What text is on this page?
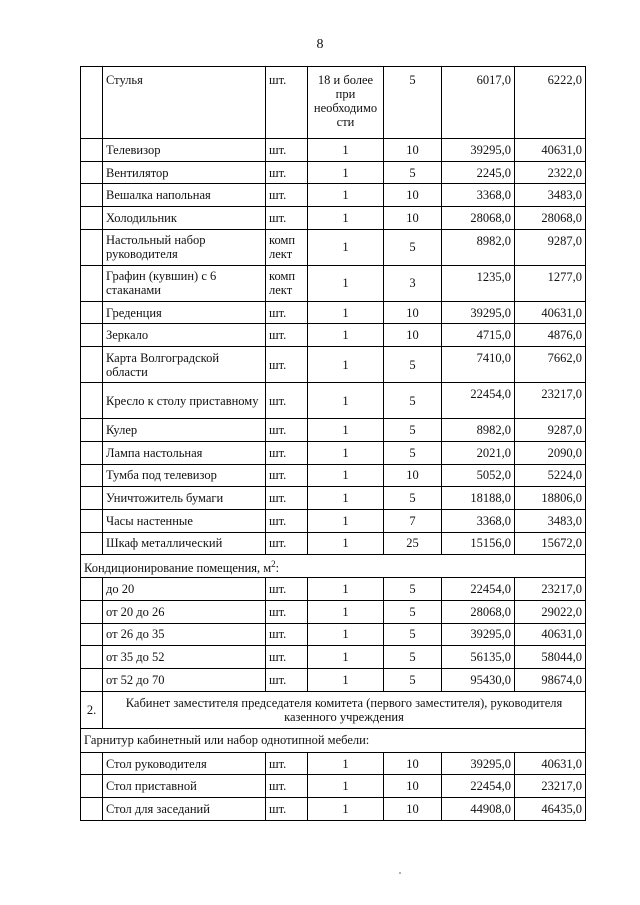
8
	Стулья	шт.	18 и более при необходимо сти	5	6017,0	6222,0
	Телевизор	шт.	1	10	39295,0	40631,0
	Вентилятор	шт.	1	5	2245,0	2322,0
	Вешалка напольная	шт.	1	10	3368,0	3483,0
	Холодильник	шт.	1	10	28068,0	28068,0
	Настольный набор руководителя	комп лект	1	5	8982,0	9287,0
	Графин (кувшин) с 6 стаканами	комп лект	1	3	1235,0	1277,0
	Греденция	шт.	1	10	39295,0	40631,0
	Зеркало	шт.	1	10	4715,0	4876,0
	Карта Волгоградской области	шт.	1	5	7410,0	7662,0
	Кресло к столу приставному	шт.	1	5	22454,0	23217,0
	Кулер	шт.	1	5	8982,0	9287,0
	Лампа настольная	шт.	1	5	2021,0	2090,0
	Тумба под телевизор	шт.	1	10	5052,0	5224,0
	Уничтожитель бумаги	шт.	1	5	18188,0	18806,0
	Часы настенные	шт.	1	7	3368,0	3483,0
	Шкаф металлический	шт.	1	25	15156,0	15672,0
Кондиционирование помещения, $м^2$:						
	до 20	шт.	1	5	22454,0	23217,0
	от 20 до 26	шт.	1	5	28068,0	29022,0
	от 26 до 35	шт.	1	5	39295,0	40631,0
	от 35 до 52	шт.	1	5	56135,0	58044,0
	от 52 до 70	шт.	1	5	95430,0	98674,0
2.	Кабинет заместителя председателя комитета (первого заместителя), руководителя казенного учреждения					
Гарнитур кабинетный или набор однотипной мебели:						
	Стол руководителя	шт.	1	10	39295,0	40631,0
	Стол приставной	шт.	1	10	22454,0	23217,0
	Стол для заседаний	шт.	1	10	44908,0	46435,0
